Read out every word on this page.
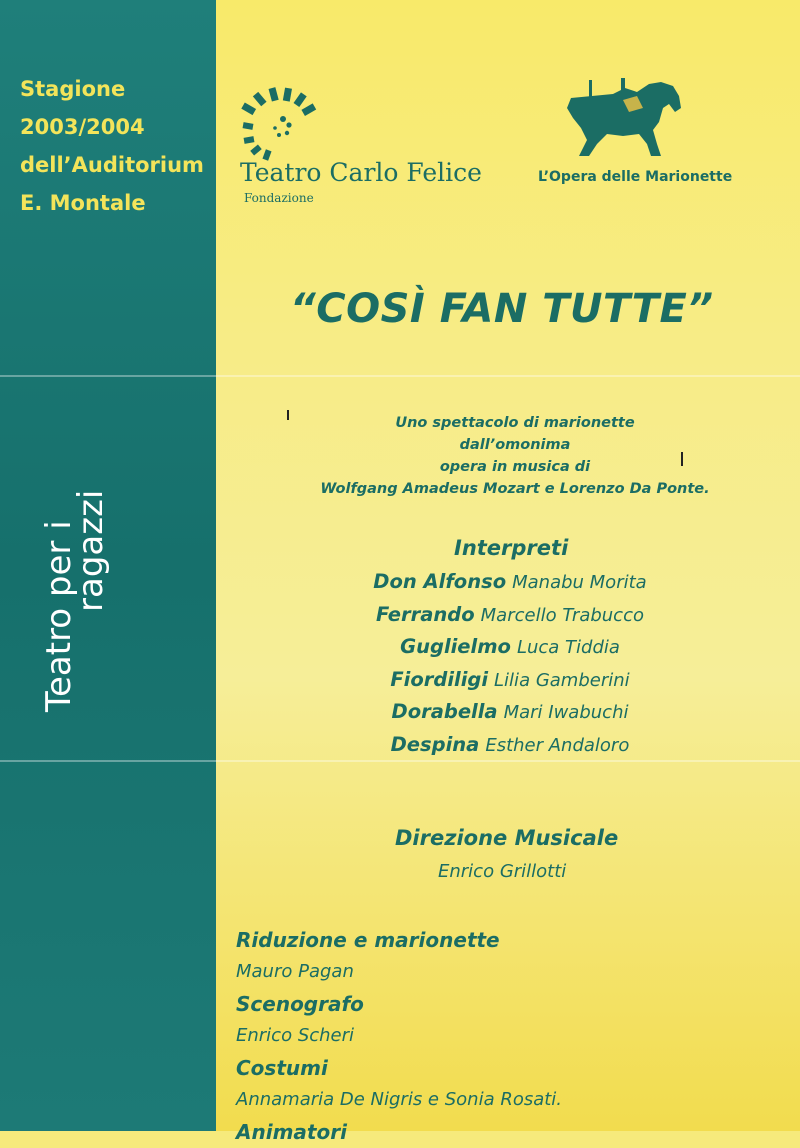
Stagione
2003/2004
dell’Auditorium
E. Montale
Teatro per i
ragazzi
Teatro Carlo Felice
Fondazione
L’Opera delle Marionette
“COSÌ FAN TUTTE”
Uno spettacolo di marionette
dall’omonima
opera in musica di
Wolfgang Amadeus Mozart e Lorenzo Da Ponte.
Interpreti
Don Alfonso Manabu Morita
Ferrando Marcello Trabucco
Guglielmo Luca Tiddia
Fiordiligi Lilia Gamberini
Dorabella Mari Iwabuchi
Despina Esther Andaloro
Direzione Musicale
Enrico Grillotti
Riduzione e marionette
Mauro Pagan
Scenografo
Enrico Scheri
Costumi
Annamaria De Nigris e Sonia Rosati.
Animatori
